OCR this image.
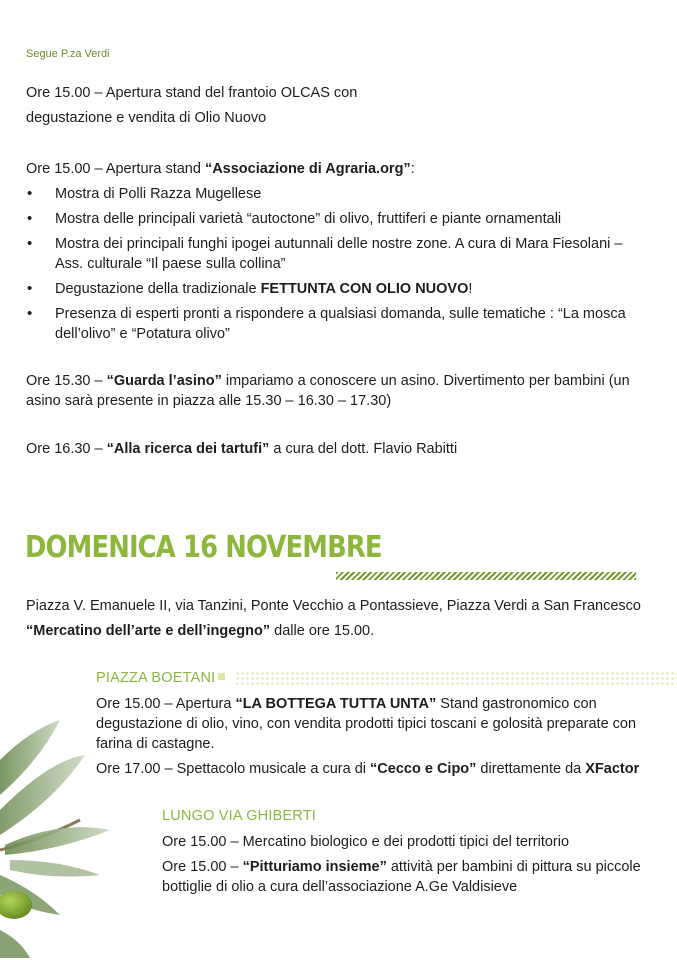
Segue P.za Verdi

Ore 15.00 – Apertura stand del frantoio OLCAS con

degustazione e vendita di Olio Nuovo

Ore 15.00 – Apertura stand “Associazione di Agraria.org”:

• Mostra di Polli Razza Mugellese
• Mostra delle principali varietà “autoctone” di olivo, fruttiferi e piante ornamentali
• Mostra dei principali funghi ipogei autunnali delle nostre zone. A cura di Mara Fiesolani – Ass. culturale “Il paese sulla collina”
• Degustazione della tradizionale FETTUNTA CON OLIO NUOVO!
• Presenza di esperti pronti a rispondere a qualsiasi domanda, sulle tematiche : “La mosca dell’olivo” e “Potatura olivo”

Ore 15.30 – “Guarda l’asino” impariamo a conoscere un asino. Divertimento per bambini (un asino sarà presente in piazza alle 15.30 – 16.30 – 17.30)

Ore 16.30 – “Alla ricerca dei tartufi” a cura del dott. Flavio Rabitti

DOMENICA 16 NOVEMBRE

Piazza V. Emanuele II, via Tanzini, Ponte Vecchio a Pontassieve, Piazza Verdi a San Francesco

“Mercatino dell’arte e dell’ingegno” dalle ore 15.00.

PIAZZA BOETANI

Ore 15.00 – Apertura “LA BOTTEGA TUTTA UNTA” Stand gastronomico con degustazione di olio, vino, con vendita prodotti tipici toscani e golosità preparate con farina di castagne.

Ore 17.00 – Spettacolo musicale a cura di “Cecco e Cipo” direttamente da XFactor

LUNGO VIA GHIBERTI

Ore 15.00 – Mercatino biologico e dei prodotti tipici del territorio

Ore 15.00 – “Pitturiamo insieme” attività per bambini di pittura su piccole bottiglie di olio a cura dell’associazione A.Ge Valdisieve
